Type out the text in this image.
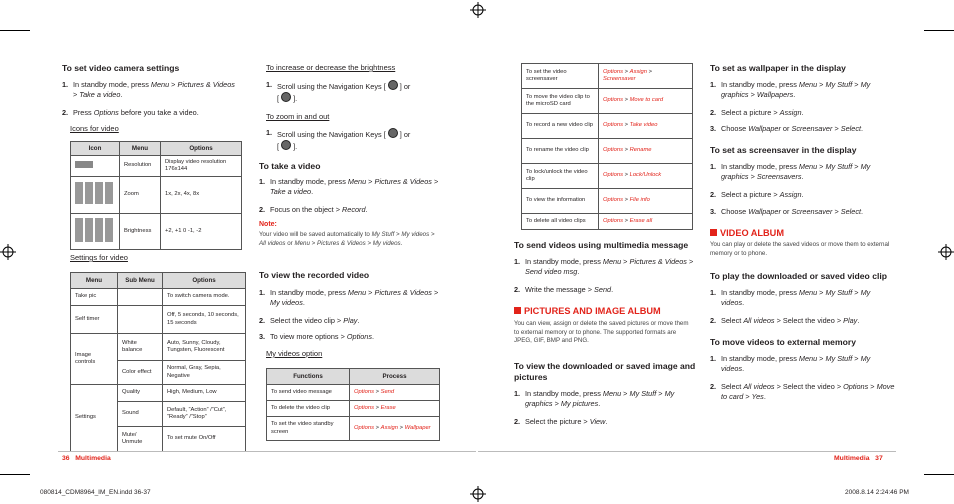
To set video camera settings
1. In standby mode, press Menu > Pictures & Videos > Take a video.
2. Press Options before you take a video.
Icons for video
Icon	Menu	Options
	Resolution	Display video resolution 176x144
	Zoom	1x, 2x, 4x, 8x
	Brightness	+2, +1 0 -1, -2
Settings for video
Menu	Sub Menu	Options
Take pic		To switch camera mode.
Self timer		Off, 5 seconds, 10 seconds, 15 seconds
Image controls	White balance	Auto, Sunny, Cloudy, Tungsten, Fluorescent
	Color effect	Normal, Gray, Sepia, Negative
Settings	Quality	High, Medium, Low
	Sound	Default, “Action” /“Cut”, “Ready” /“Stop”
	Mute/ Unmute	To set mute On/Off
36 Multimedia
080814_CDM8964_IM_EN.indd 36-37
To increase or decrease the brightness
1. Scroll using the Navigation Keys [ ] or
[  ].
To zoom in and out
1. Scroll using the Navigation Keys [ ] or
[  ].
To take a video
1. In standby mode, press Menu > Pictures & Videos > Take a video.
2. Focus on the object > Record.
Note:
Your video will be saved automatically to My Stuff > My videos > All videos or Menu > Pictures & Videos > My videos.
To view the recorded video
1. In standby mode, press Menu > Pictures & Videos > My videos.
2. Select the video clip > Play.
3. To view more options > Options.
My videos option
Functions	Process
To send video message	Options > Send
To delete the video clip	Options > Erase
To set the video standby screen	Options > Assign > Wallpaper
To set the video screensaver	Options > Assign >
Screensaver
To move the video clip to the microSD card	Options > Move to card
To record a new video clip	Options > Take video
To rename the video clip	Options > Rename
To lock/unlock the video clip	Options > Lock/Unlock
To view the information	Options > File info
To delete all video clips	Options > Erase all
To send videos using multimedia message
1. In standby mode, press Menu > Pictures & Videos > Send video msg.
2. Write the message > Send.
PICTURES AND IMAGE ALBUM
You can view, assign or delete the saved pictures or move them to external memory or to phone. The supported formats are JPEG, GIF, BMP and PNG.
To view the downloaded or saved image and pictures
1. In standby mode, press Menu > My Stuff > My graphics > My pictures.
2. Select the picture > View.
To set as wallpaper in the display
1. In standby mode, press Menu > My Stuff > My graphics > Wallpapers.
2. Select a picture > Assign.
3. Choose Wallpaper or Screensaver > Select.
To set as screensaver in the display
1. In standby mode, press Menu > My Stuff > My graphics > Screensavers.
2. Select a picture > Assign.
3. Choose Wallpaper or Screensaver > Select.
VIDEO ALBUM
You can play or delete the saved videos or move them to external memory or to phone.
To play the downloaded or saved video clip
1. In standby mode, press Menu > My Stuff > My videos.
2. Select All videos > Select the video > Play.
To move videos to external memory
1. In standby mode, press Menu > My Stuff > My videos.
2. Select All videos > Select the video > Options > Move to card > Yes.
Multimedia 37
2008.8.14 2:24:46 PM
